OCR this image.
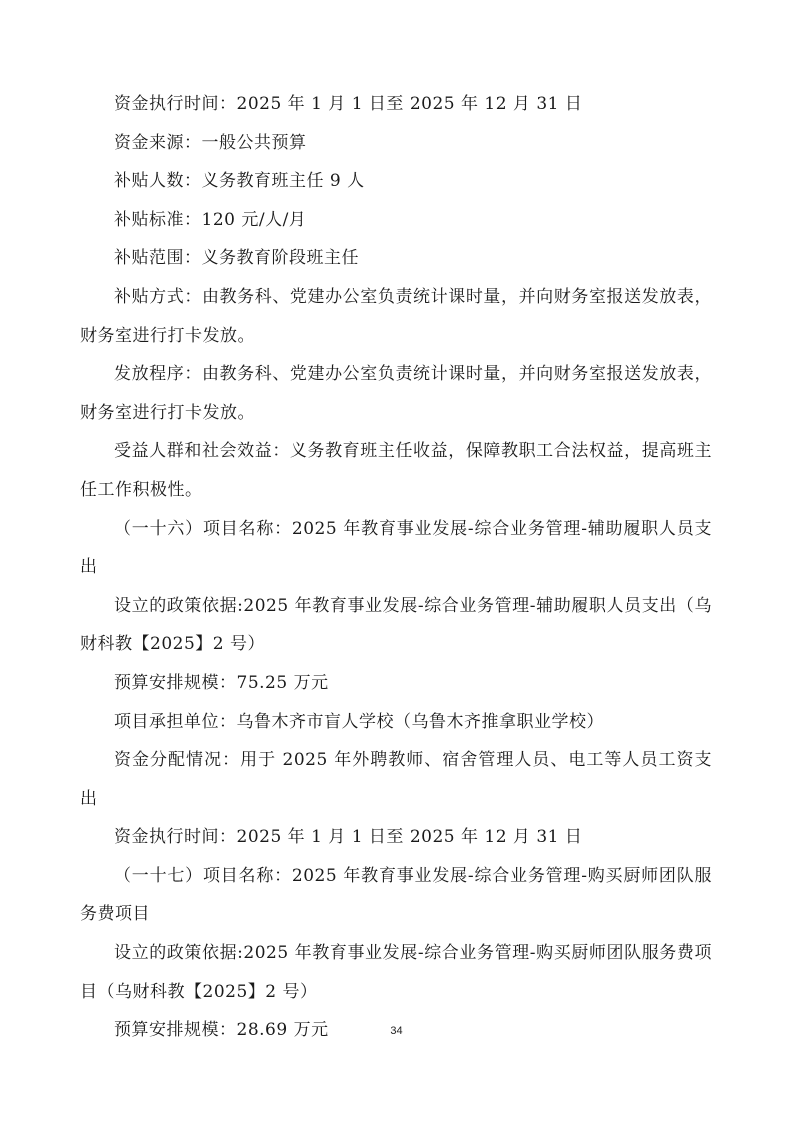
资金执行时间：2025 年 1 月 1 日至 2025 年 12 月 31 日

资金来源：一般公共预算

补贴人数：义务教育班主任 9 人

补贴标准：120 元/人/月

补贴范围：义务教育阶段班主任

补贴方式：由教务科、党建办公室负责统计课时量，并向财务室报送发放表，财务室进行打卡发放。

发放程序：由教务科、党建办公室负责统计课时量，并向财务室报送发放表，财务室进行打卡发放。

受益人群和社会效益：义务教育班主任收益，保障教职工合法权益，提高班主任工作积极性。

（一十六）项目名称：2025 年教育事业发展-综合业务管理-辅助履职人员支出

设立的政策依据:2025 年教育事业发展-综合业务管理-辅助履职人员支出（乌财科教【2025】2 号）

预算安排规模：75.25 万元

项目承担单位：乌鲁木齐市盲人学校（乌鲁木齐推拿职业学校）

资金分配情况：用于 2025 年外聘教师、宿舍管理人员、电工等人员工资支出

资金执行时间：2025 年 1 月 1 日至 2025 年 12 月 31 日

（一十七）项目名称：2025 年教育事业发展-综合业务管理-购买厨师团队服务费项目

设立的政策依据:2025 年教育事业发展-综合业务管理-购买厨师团队服务费项目（乌财科教【2025】2 号）

预算安排规模：28.69 万元	34
